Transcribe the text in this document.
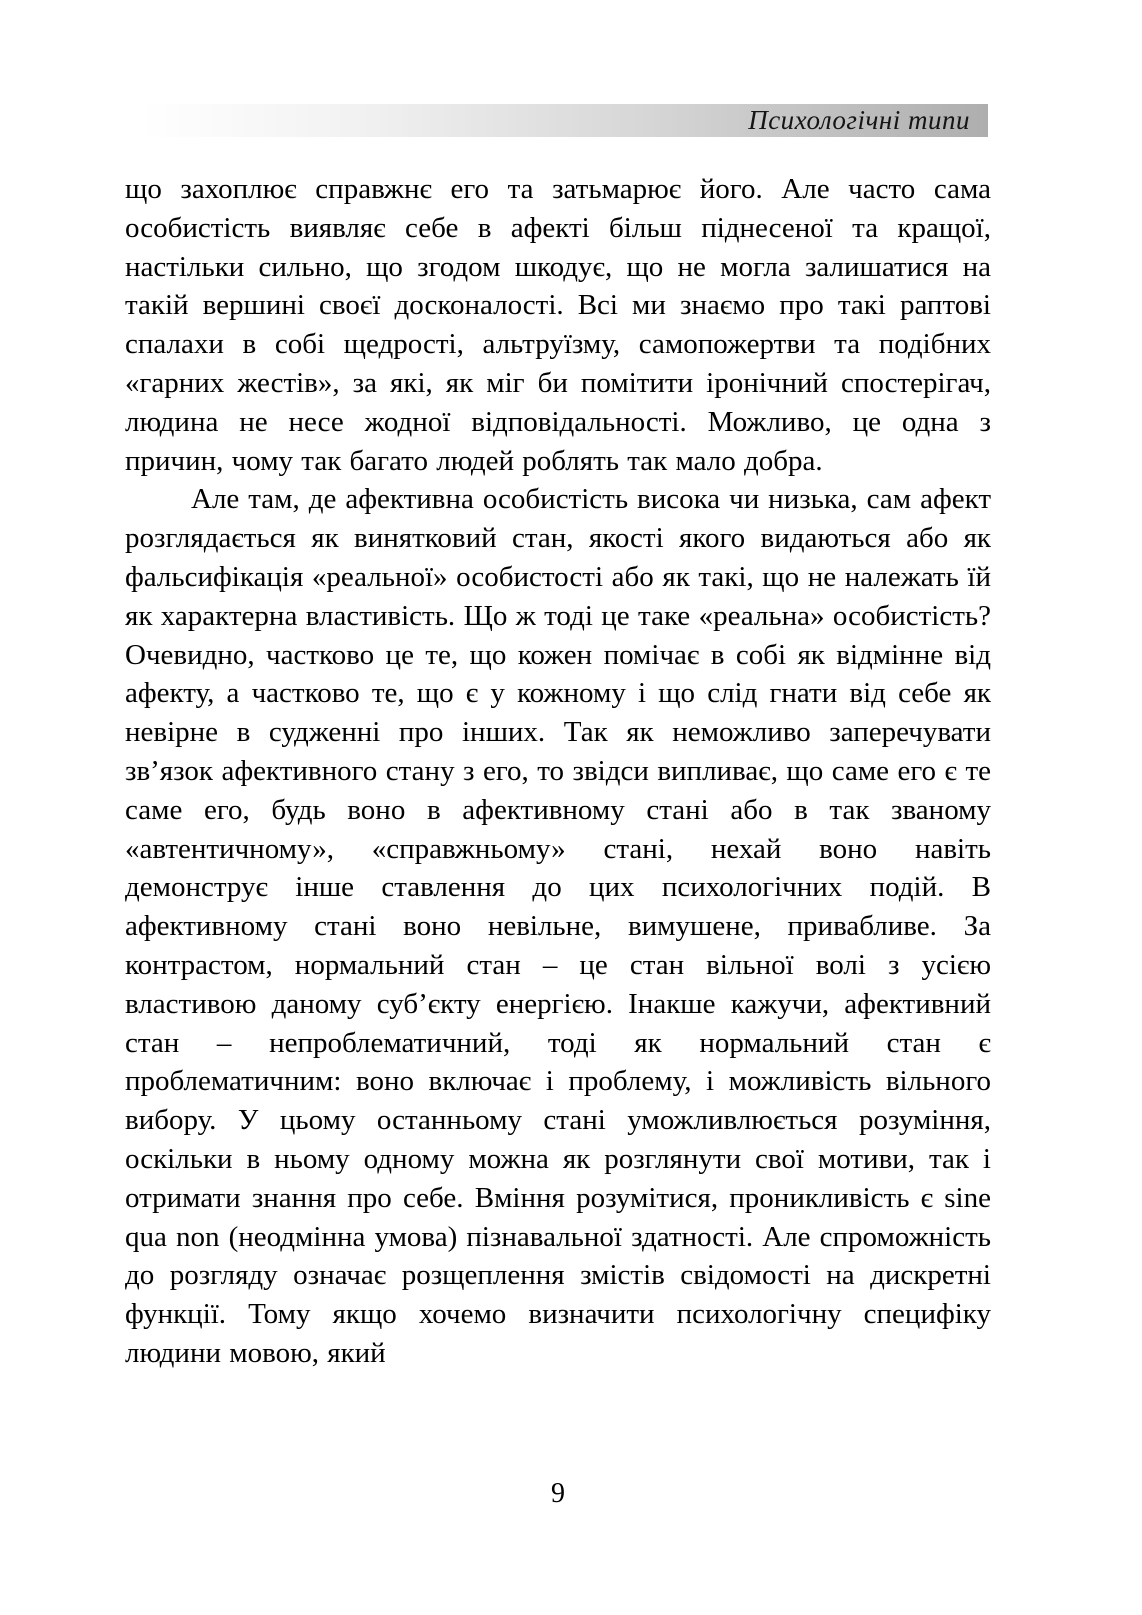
Психологічні типи

що захоплює справжнє его та затьмарює його. Але часто сама особистість виявляє себе в афекті більш піднесеної та кращої, настільки сильно, що згодом шкодує, що не могла залишатися на такій вершині своєї досконалості. Всі ми знаємо про такі раптові спалахи в собі щедрості, альтруїзму, самопожертви та подібних «гарних жестів», за які, як міг би помітити іронічний спостерігач, людина не несе жодної відповідальності. Можливо, це одна з причин, чому так багато людей роблять так мало добра.

Але там, де афективна особистість висока чи низька, сам афект розглядається як винятковий стан, якості якого видаються або як фальсифікація «реальної» особистості або як такі, що не належать їй як характерна властивість. Що ж тоді це таке «реальна» особистість? Очевидно, частково це те, що кожен помічає в собі як відмінне від афекту, а частково те, що є у кожному і що слід гнати від себе як невірне в судженні про інших. Так як неможливо заперечувати зв’язок афективного стану з его, то звідси випливає, що саме его є те саме его, будь воно в афективному стані або в так званому «автентичному», «справжньому» стані, нехай воно навіть демонструє інше ставлення до цих психологічних подій. В афективному стані воно невільне, вимушене, привабливе. За контрастом, нормальний стан – це стан вільної волі з усією властивою даному суб’єкту енергією. Інакше кажучи, афективний стан – непроблематичний, тоді як нормальний стан є проблематичним: воно включає і проблему, і можливість вільного вибору. У цьому останньому стані уможливлюється розуміння, оскільки в ньому одному можна як розглянути свої мотиви, так і отримати знання про себе. Вміння розумітися, проникливість є sine qua non (неодмінна умова) пізнавальної здатності. Але спроможність до розгляду означає розщеплення змістів свідомості на дискретні функції. Тому якщо хочемо визначити психологічну специфіку людини мовою, який

9
